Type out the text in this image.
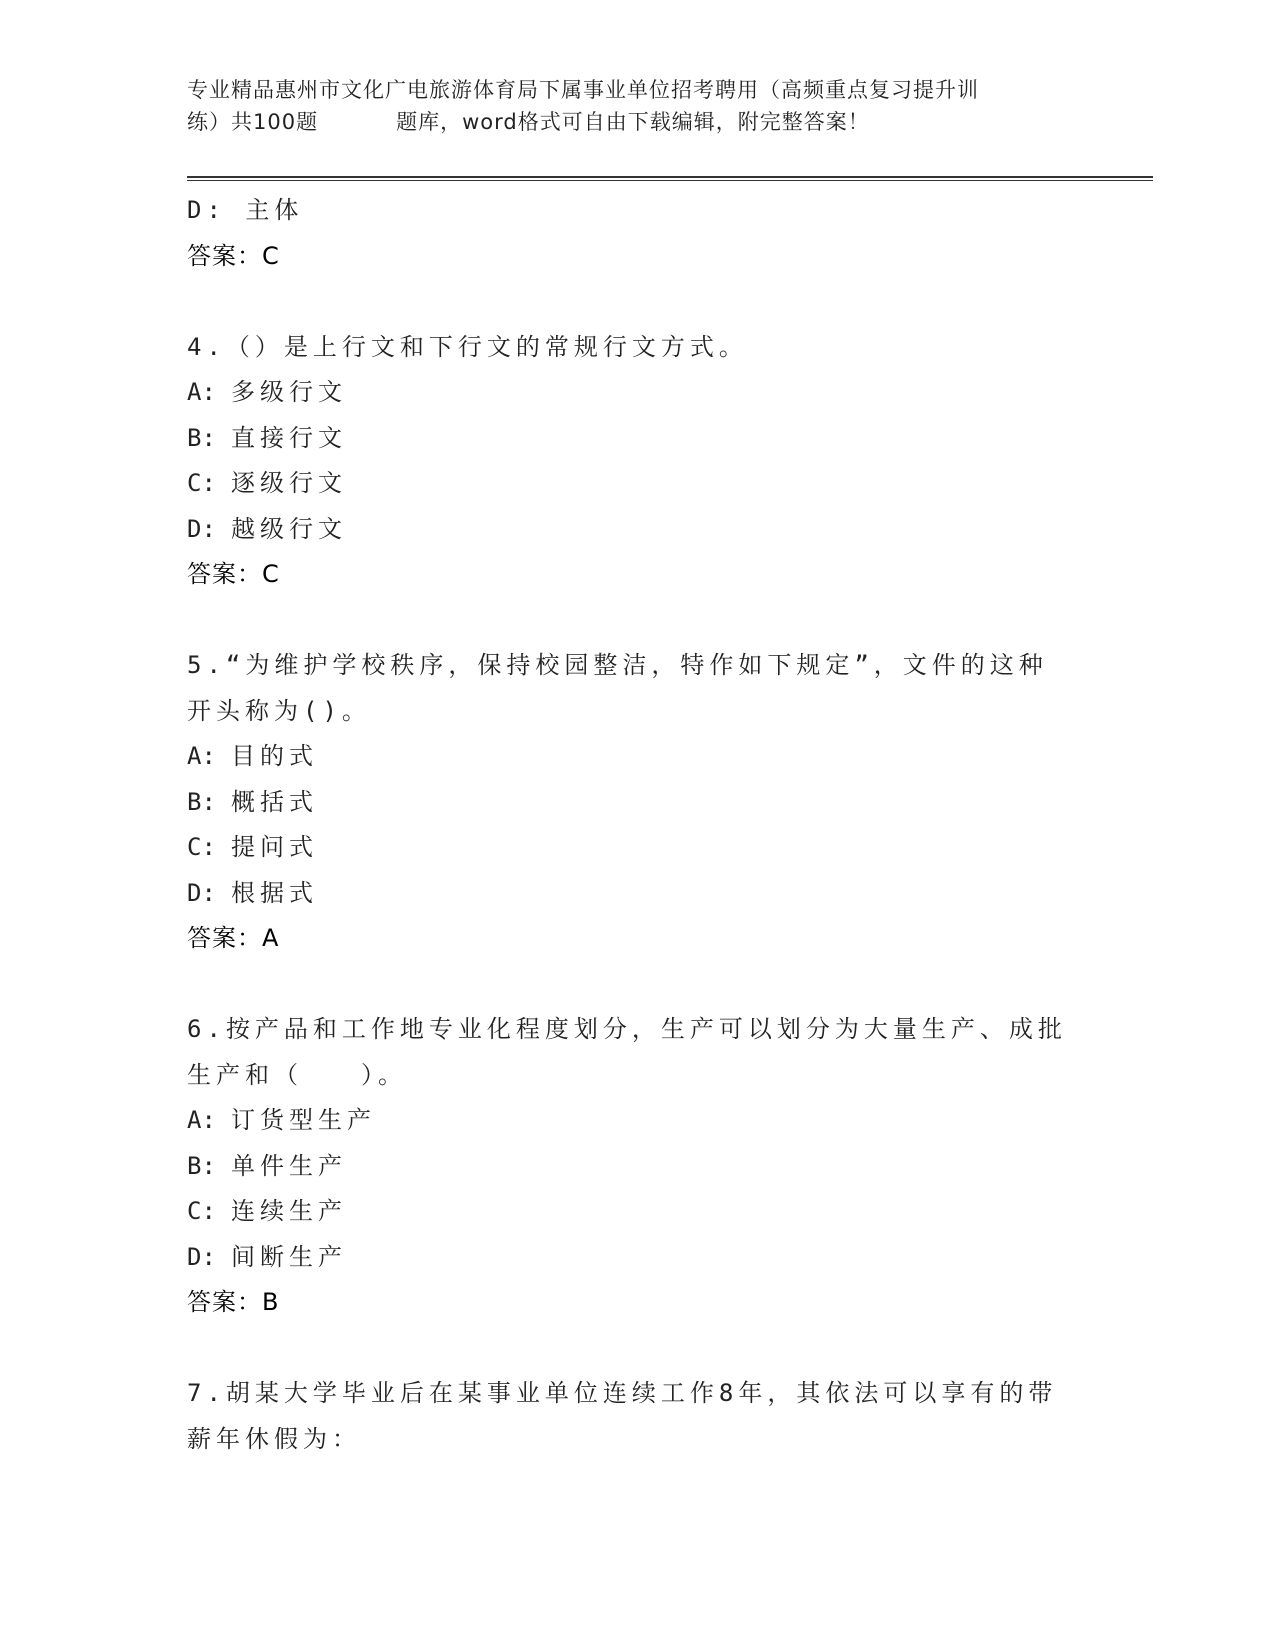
专业精品惠州市文化广电旅游体育局下属事业单位招考聘用（高频重点复习提升训
练）共100题	题库，word格式可自由下载编辑，附完整答案！
D: 主体
答案：C
4.（）是上行文和下行文的常规行文方式。
A: 多级行文
B: 直接行文
C: 逐级行文
D: 越级行文
答案：C
5.“为维护学校秩序，保持校园整洁，特作如下规定”，文件的这种
开头称为()。
A: 目的式
B: 概括式
C: 提问式
D: 根据式
答案：A
6.按产品和工作地专业化程度划分，生产可以划分为大量生产、成批
生产和（　　）。
A: 订货型生产
B: 单件生产
C: 连续生产
D: 间断生产
答案：B
7.胡某大学毕业后在某事业单位连续工作8年，其依法可以享有的带
薪年休假为：
